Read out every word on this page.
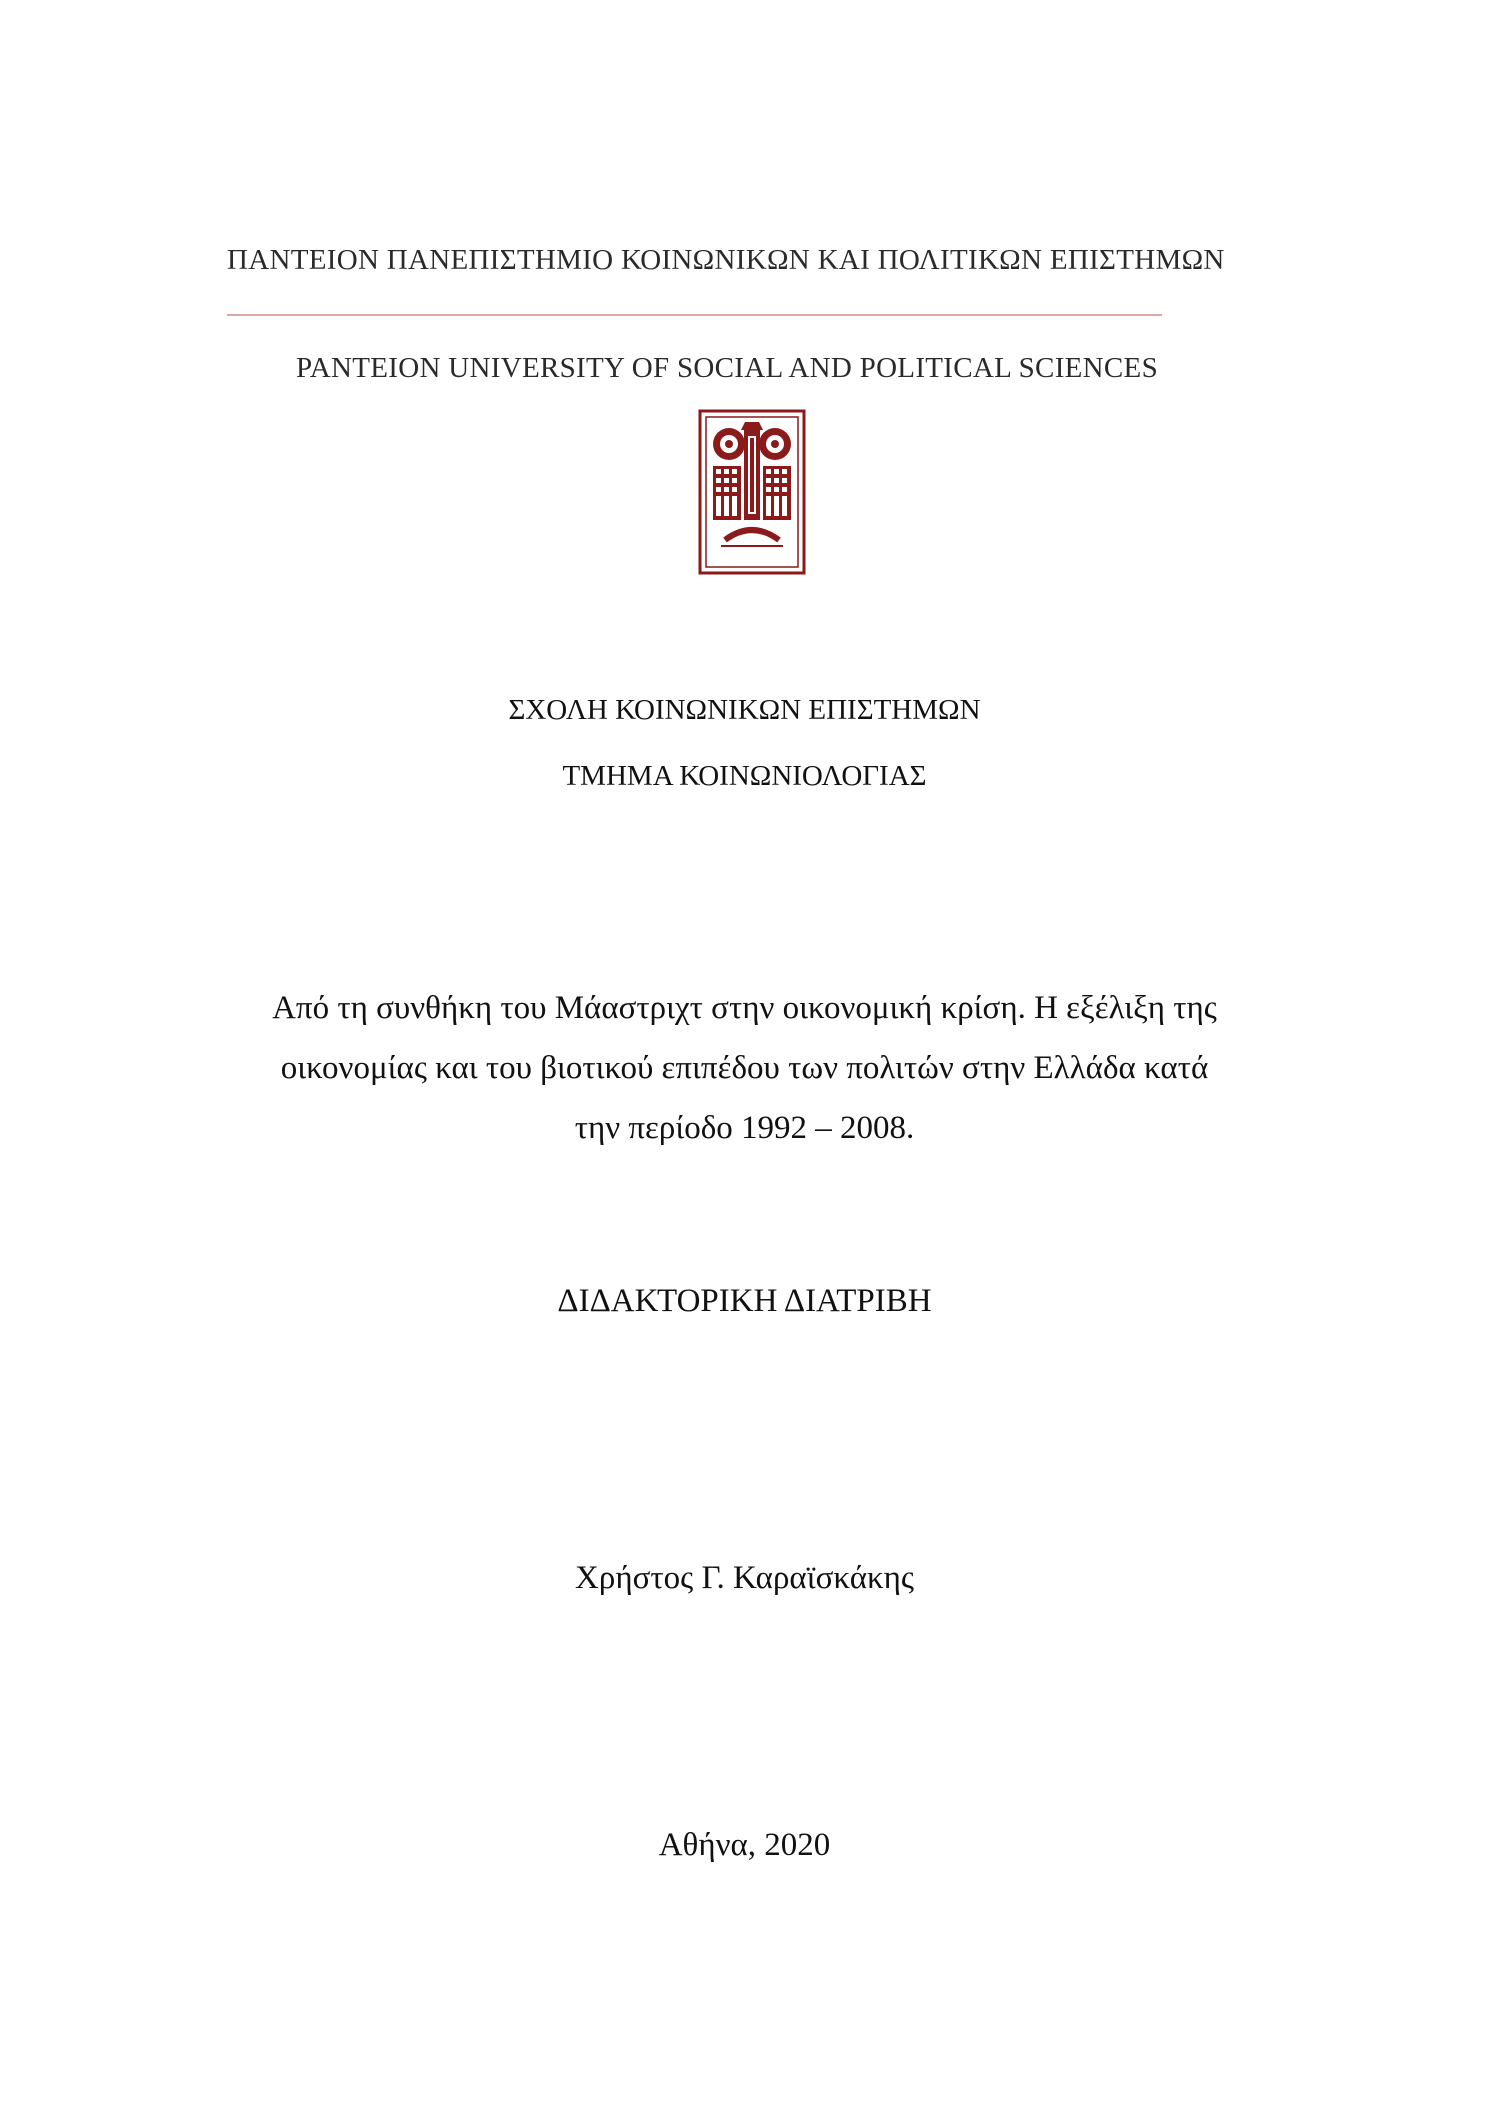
ΠΑΝΤΕΙΟΝ ΠΑΝΕΠΙΣΤΗΜΙΟ ΚΟΙΝΩΝΙΚΩΝ ΚΑΙ ΠΟΛΙΤΙΚΩΝ ΕΠΙΣΤΗΜΩΝ
PANTEION UNIVERSITY OF SOCIAL AND POLITICAL SCIENCES
ΣΧΟΛΗ ΚΟΙΝΩΝΙΚΩΝ ΕΠΙΣΤΗΜΩΝ
ΤΜΗΜΑ ΚΟΙΝΩΝΙΟΛΟΓΙΑΣ
Από τη συνθήκη του Μάαστριχτ στην οικονομική κρίση. Η εξέλιξη της
οικονομίας και του βιοτικού επιπέδου των πολιτών στην Ελλάδα κατά
την περίοδο 1992 – 2008.
ΔΙΔΑΚΤΟΡΙΚΗ ΔΙΑΤΡΙΒΗ
Χρήστος Γ. Καραϊσκάκης
Αθήνα, 2020
